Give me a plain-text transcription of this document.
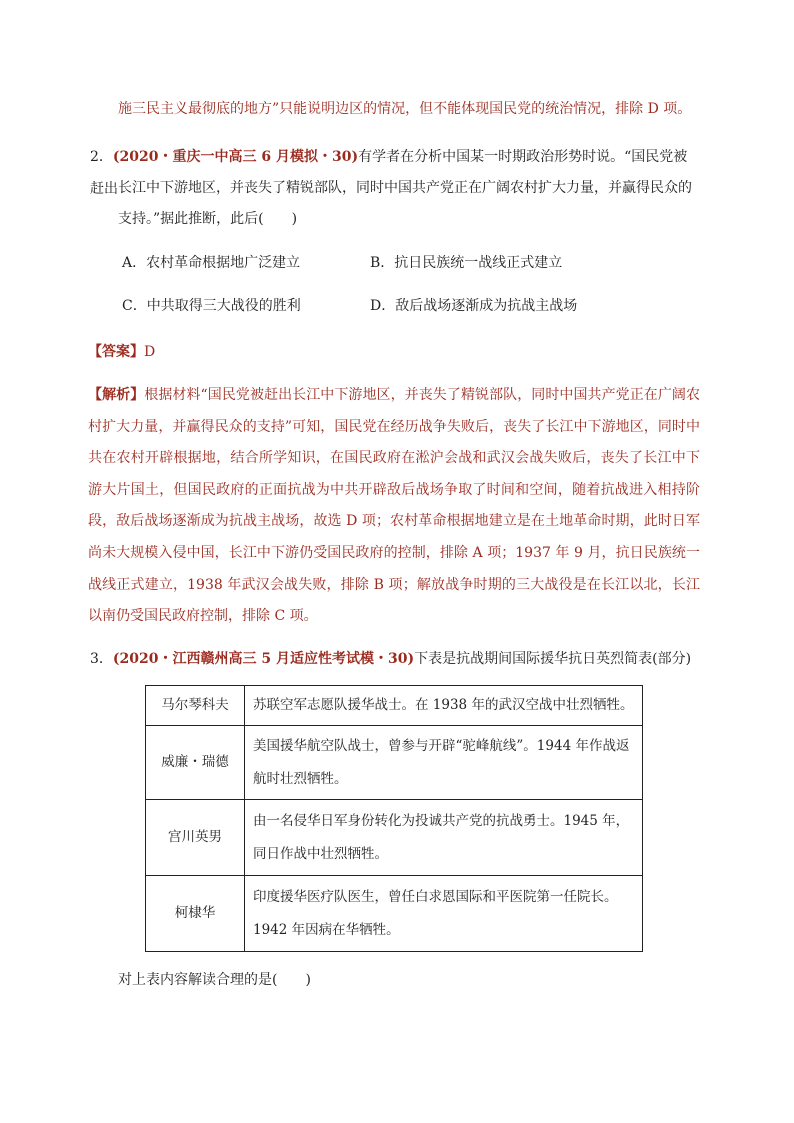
施三民主义最彻底的地方”只能说明边区的情况，但不能体现国民党的统治情况，排除 D 项。
2．(2020・重庆一中高三 6 月模拟・30)有学者在分析中国某一时期政治形势时说。“国民党被赶出 长江中下游地区，并丧失了精锐部队，同时中国共产党正在广阔农村扩大力量，并赢得民众的
支持。”据此推断，此后(　　)
A．农村革命根据地广泛建立	B．抗日民族统一战线正式建立
C．中共取得三大战役的胜利	D．敌后战场逐渐成为抗战主战场
【答案】D
【解析】根据材料“国民党被赶出长江中下游地区，并丧失了精锐部队，同时中国共产党正在广阔农村扩大力量，并赢得民众的支持”可知，国民党在经历战争失败后，丧失了长江中下游地区，同时中共在农村开辟根据地，结合所学知识，在国民政府在淞沪会战和武汉会战失败后，丧失了长江中下游大片国土，但国民政府的正面抗战为中共开辟敌后战场争取了时间和空间，随着抗战进入相持阶段，敌后战场逐渐成为抗战主战场，故选 D 项；农村革命根据地建立是在土地革命时期，此时日军尚未大规模入侵中国，长江中下游仍受国民政府的控制，排除 A 项；1937 年 9 月，抗日民族统一战线正式建立，1938 年武汉会战失败，排除 B 项；解放战争时期的三大战役是在长江以北，长江以南仍受国民政府控制，排除 C 项。
3．(2020・江西赣州高三 5 月适应性考试模・30)下表是抗战期间国际援华抗日英烈简表(部分)
马尔琴科夫	苏联空军志愿队援华战士。在 1938 年的武汉空战中壮烈牺牲。
威廉・瑞德	美国援华航空队战士，曾参与开辟“驼峰航线”。1944 年作战返航时壮烈牺牲。
宫川英男	由一名侵华日军身份转化为投诚共产党的抗战勇士。1945 年，同日作战中壮烈牺牲。
柯棣华	印度援华医疗队医生，曾任白求恩国际和平医院第一任院长。1942 年因病在华牺牲。
对上表内容解读合理的是(　　)
